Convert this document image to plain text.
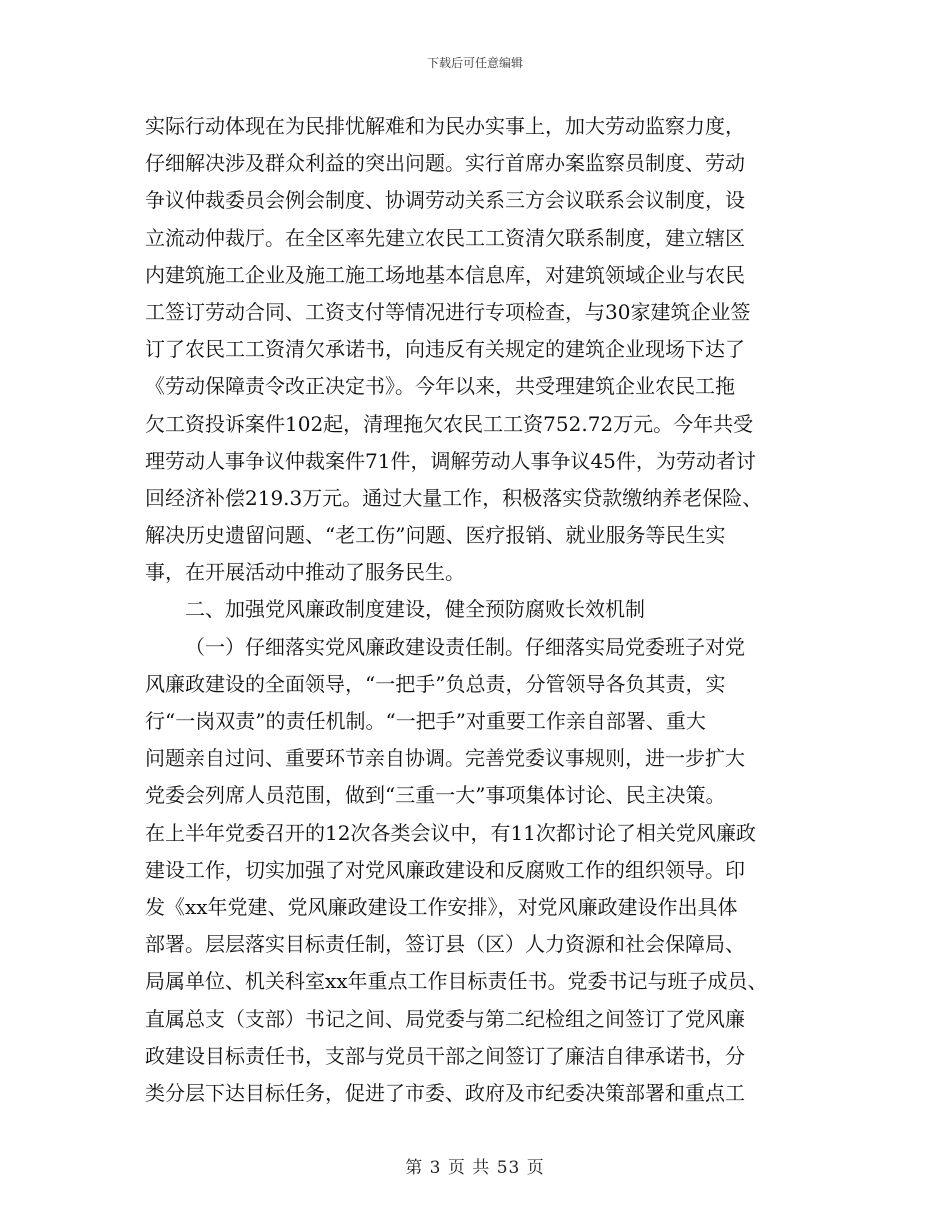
下载后可任意编辑
实际行动体现在为民排忧解难和为民办实事上，加大劳动监察力度，
仔细解决涉及群众利益的突出问题。实行首席办案监察员制度、劳动
争议仲裁委员会例会制度、协调劳动关系三方会议联系会议制度，设
立流动仲裁厅。在全区率先建立农民工工资清欠联系制度，建立辖区
内建筑施工企业及施工施工场地基本信息库，对建筑领域企业与农民
工签订劳动合同、工资支付等情况进行专项检查，与30家建筑企业签
订了农民工工资清欠承诺书，向违反有关规定的建筑企业现场下达了
《劳动保障责令改正决定书》。今年以来，共受理建筑企业农民工拖
欠工资投诉案件102起，清理拖欠农民工工资752.72万元。今年共受
理劳动人事争议仲裁案件71件，调解劳动人事争议45件，为劳动者讨
回经济补偿219.3万元。通过大量工作，积极落实贷款缴纳养老保险、
解决历史遗留问题、“老工伤”问题、医疗报销、就业服务等民生实
事，在开展活动中推动了服务民生。
二、加强党风廉政制度建设，健全预防腐败长效机制
（一）仔细落实党风廉政建设责任制。仔细落实局党委班子对党
风廉政建设的全面领导，“一把手”负总责，分管领导各负其责，实
行“一岗双责”的责任机制。“一把手”对重要工作亲自部署、重大
问题亲自过问、重要环节亲自协调。完善党委议事规则，进一步扩大
党委会列席人员范围，做到“三重一大”事项集体讨论、民主决策。
在上半年党委召开的12次各类会议中，有11次都讨论了相关党风廉政
建设工作，切实加强了对党风廉政建设和反腐败工作的组织领导。印
发《xx年党建、党风廉政建设工作安排》，对党风廉政建设作出具体
部署。层层落实目标责任制，签订县（区）人力资源和社会保障局、
局属单位、机关科室xx年重点工作目标责任书。党委书记与班子成员、
直属总支（支部）书记之间、局党委与第二纪检组之间签订了党风廉
政建设目标责任书，支部与党员干部之间签订了廉洁自律承诺书，分
类分层下达目标任务，促进了市委、政府及市纪委决策部署和重点工
第 3 页 共 53 页
